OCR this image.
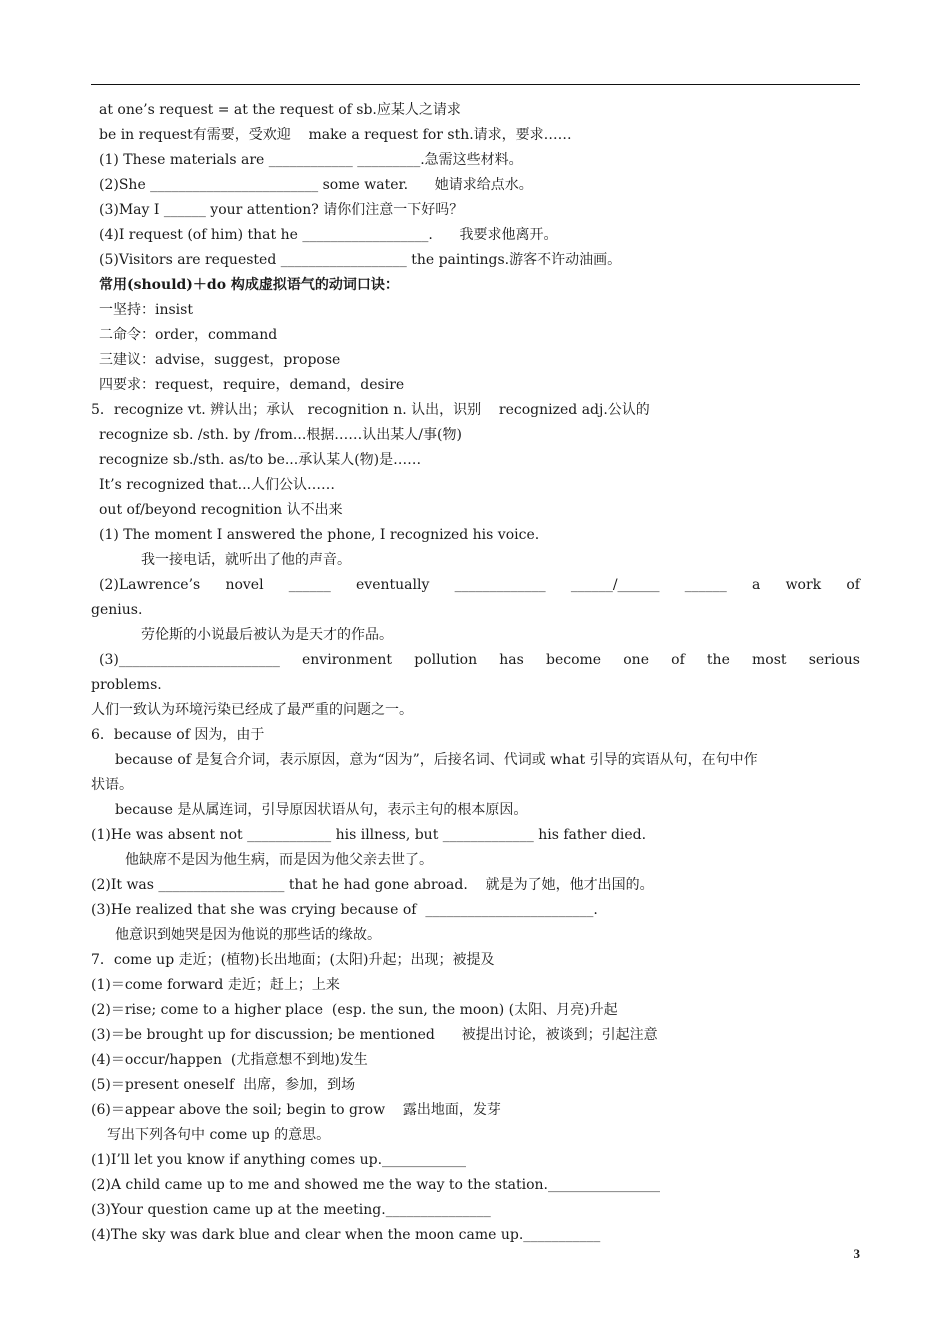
at one’s request = at the request of sb.应某人之请求
be in request有需要，受欢迎    make a request for sth.请求，要求……
(1) These materials are ____________ _________.急需这些材料。
(2)She ________________________ some water.      她请求给点水。
(3)May I ______ your attention? 请你们注意一下好吗？
(4)I request (of him) that he __________________.      我要求他离开。
(5)Visitors are requested __________________ the paintings.游客不许动油画。
常用(should)＋do 构成虚拟语气的动词口诀：
一坚持：insist
二命令：order，command
三建议：advise，suggest，propose
四要求：request，require，demand，desire
5．recognize vt. 辨认出；承认   recognition n. 认出，识别    recognized adj.公认的
recognize sb. /sth. by /from...根据……认出某人/事(物)
recognize sb./sth. as/to be...承认某人(物)是……
It’s recognized that...人们公认……
out of/beyond recognition 认不出来
(1) The moment I answered the phone, I recognized his voice.
我一接电话，就听出了他的声音。
(2)Lawrence’s novel ______ eventually _____________ ______/______ ______ a work of
genius.
劳伦斯的小说最后被认为是天才的作品。
(3)_______________________ environment pollution has become one of the most serious
problems.
人们一致认为环境污染已经成了最严重的问题之一。
6．because of 因为，由于
because of 是复合介词，表示原因，意为“因为”，后接名词、代词或 what 引导的宾语从句，在句中作
状语。
because 是从属连词，引导原因状语从句，表示主句的根本原因。
(1)He was absent not ____________ his illness, but _____________ his father died.
他缺席不是因为他生病，而是因为他父亲去世了。
(2)It was __________________ that he had gone abroad.    就是为了她，他才出国的。
(3)He realized that she was crying because of  ________________________.
他意识到她哭是因为他说的那些话的缘故。
7．come up 走近；(植物)长出地面；(太阳)升起；出现；被提及
(1)＝come forward 走近；赶上；上来
(2)＝rise; come to a higher place  (esp. the sun, the moon) (太阳、月亮)升起
(3)＝be brought up for discussion; be mentioned      被提出讨论，被谈到；引起注意
(4)＝occur/happen  (尤指意想不到地)发生
(5)＝present oneself  出席，参加，到场
(6)＝appear above the soil; begin to grow    露出地面，发芽
写出下列各句中 come up 的意思。
(1)I’ll let you know if anything comes up.____________
(2)A child came up to me and showed me the way to the station.________________
(3)Your question came up at the meeting._______________
(4)The sky was dark blue and clear when the moon came up.___________
3
